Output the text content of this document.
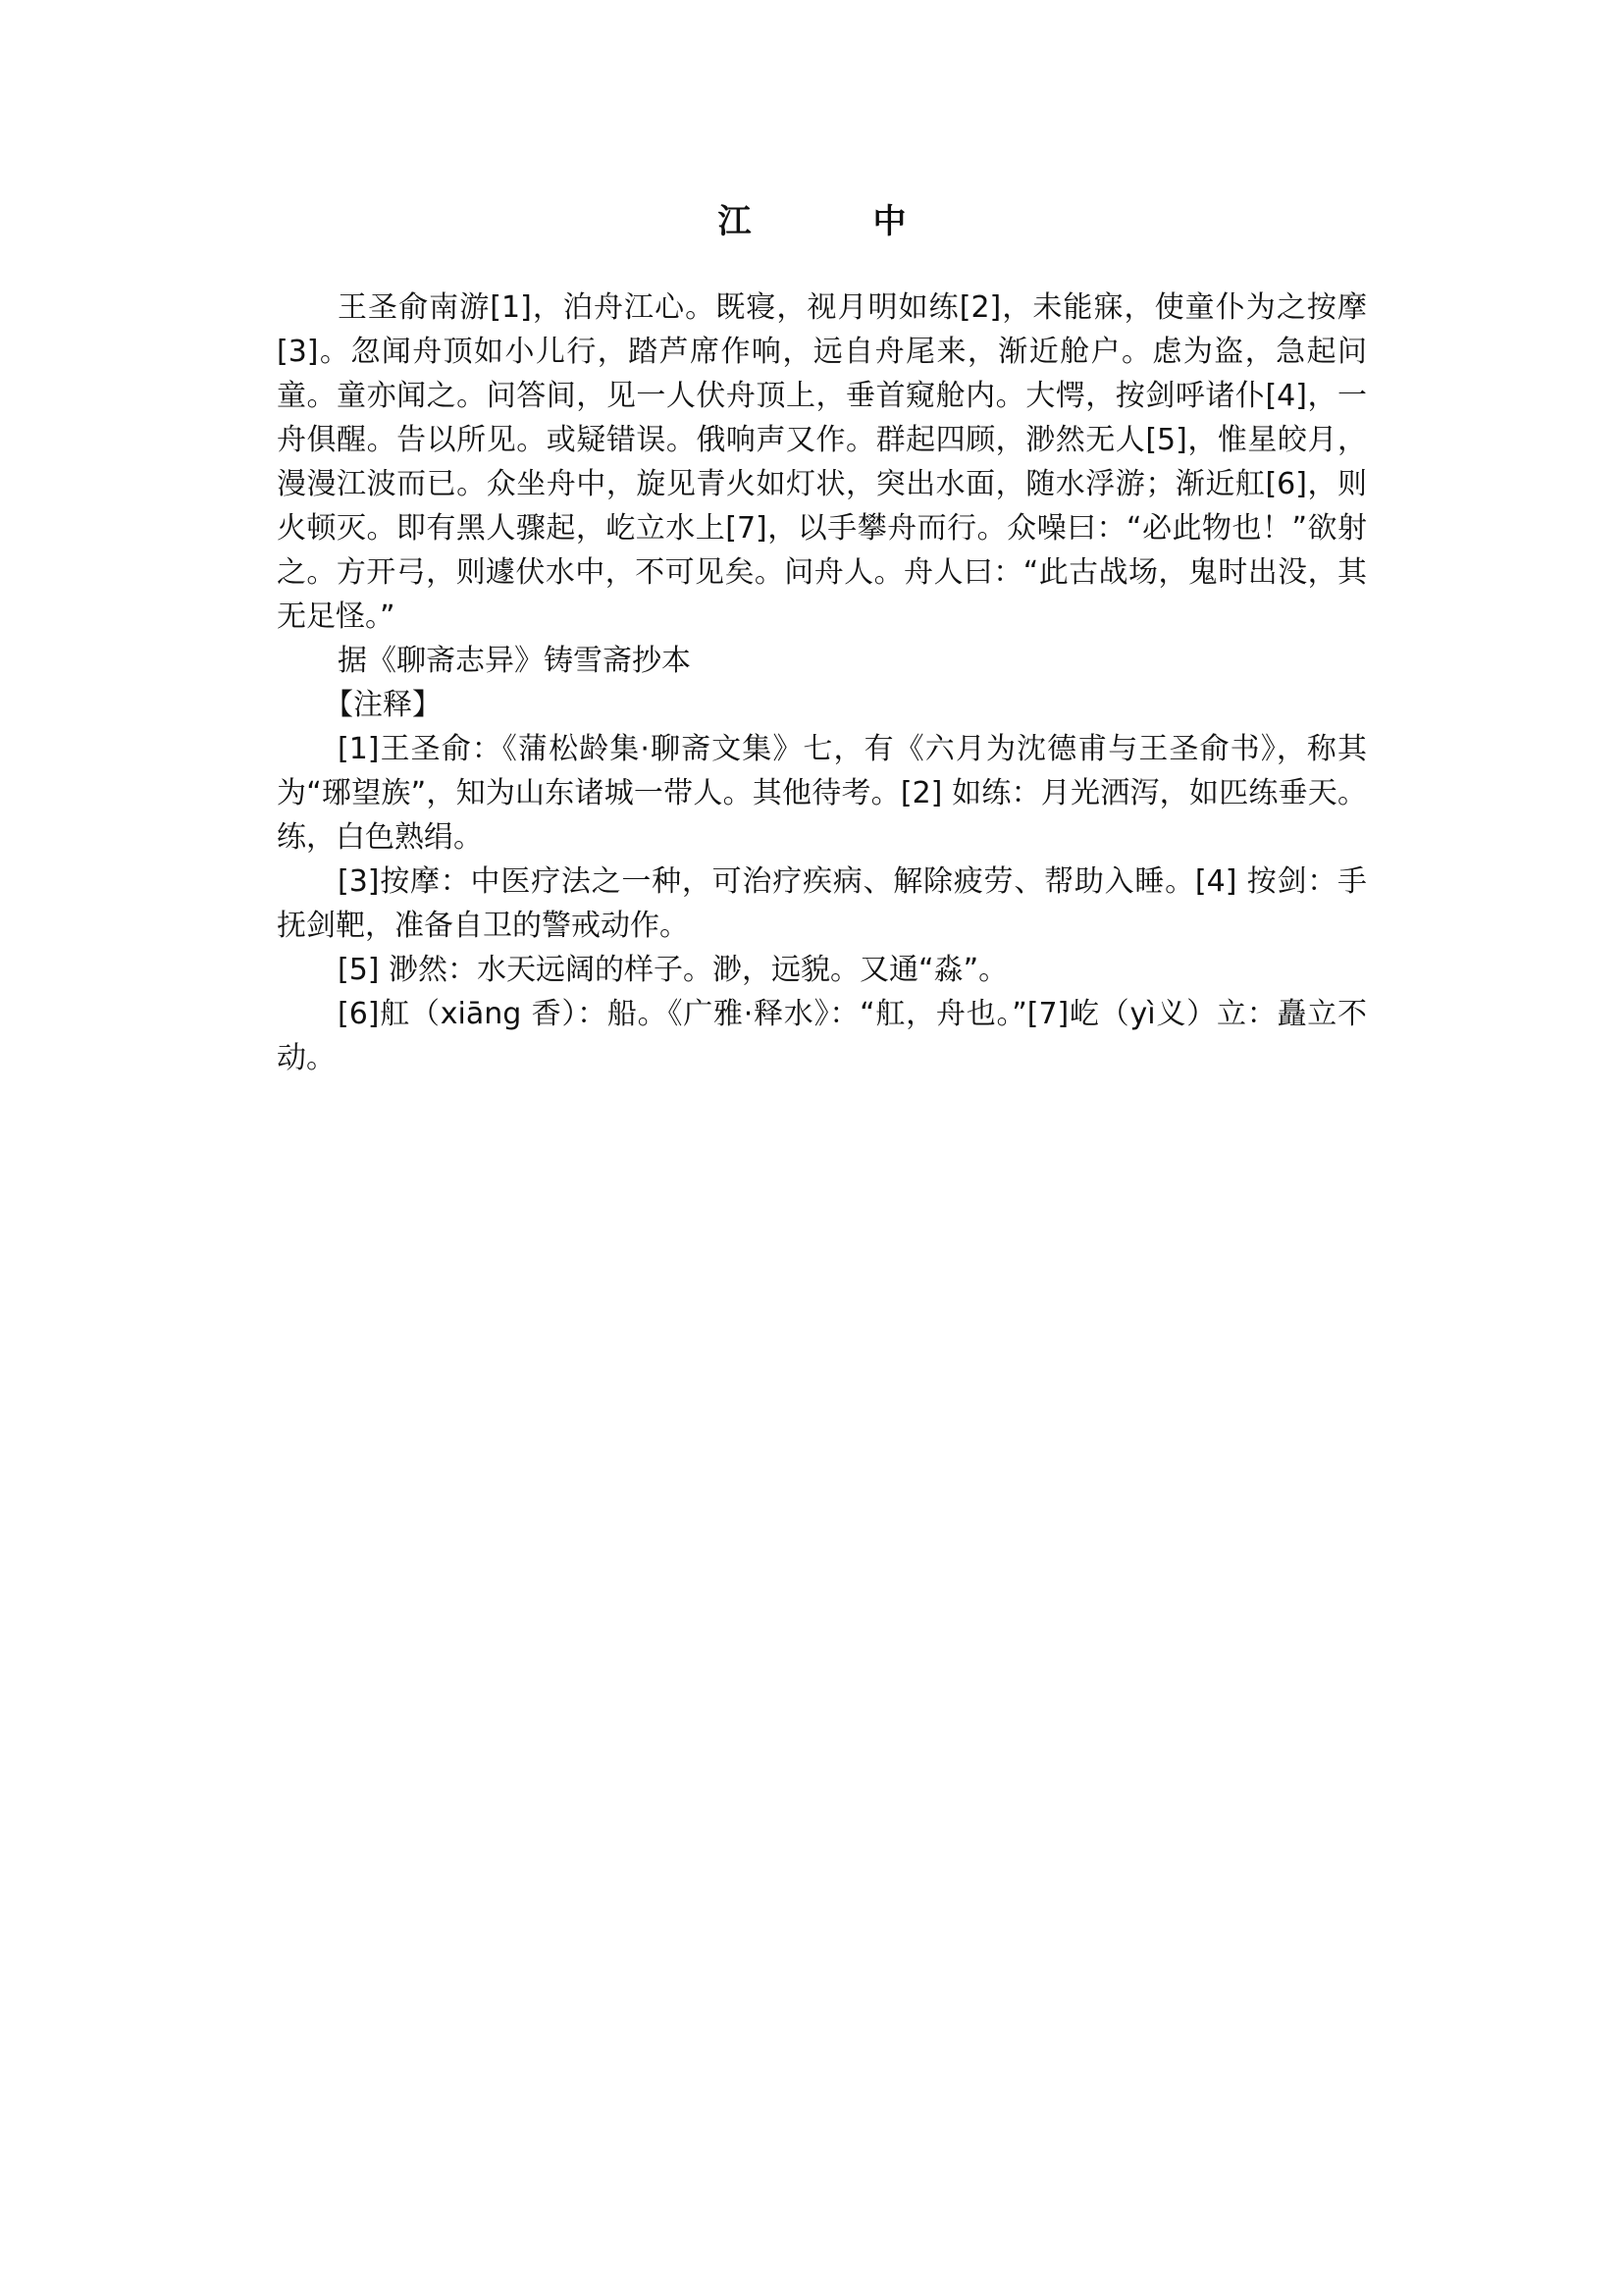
江	中

王圣俞南游[1]，泊舟江心。既寝，视月明如练[2]，未能寐，使童仆为之按摩[3]。忽闻舟顶如小儿行，踏芦席作响，远自舟尾来，渐近舱户。虑为盗，急起问童。童亦闻之。问答间，见一人伏舟顶上，垂首窥舱内。大愕，按剑呼诸仆[4]，一舟俱醒。告以所见。或疑错误。俄响声又作。群起四顾，渺然无人[5]，惟星皎月，漫漫江波而已。众坐舟中，旋见青火如灯状，突出水面，随水浮游；渐近舡[6]，则火顿灭。即有黑人骤起，屹立水上[7]，以手攀舟而行。众噪曰：“必此物也！”欲射之。方开弓，则遽伏水中，不可见矣。问舟人。舟人曰：“此古战场，鬼时出没，其无足怪。”

据《聊斋志异》铸雪斋抄本

【注释】

[1]王圣俞：《蒲松龄集·聊斋文集》七，有《六月为沈德甫与王圣俞书》，称其为“琊望族”，知为山东诸城一带人。其他待考。[2] 如练：月光洒泻，如匹练垂天。练，白色熟绢。

[3]按摩：中医疗法之一种，可治疗疾病、解除疲劳、帮助入睡。[4] 按剑：手抚剑靶，准备自卫的警戒动作。

[5] 渺然：水天远阔的样子。渺，远貌。又通“淼”。

[6]舡（xiāng 香）：船。《广雅·释水》：“舡，舟也。”[7]屹（yì义）立：矗立不动。
